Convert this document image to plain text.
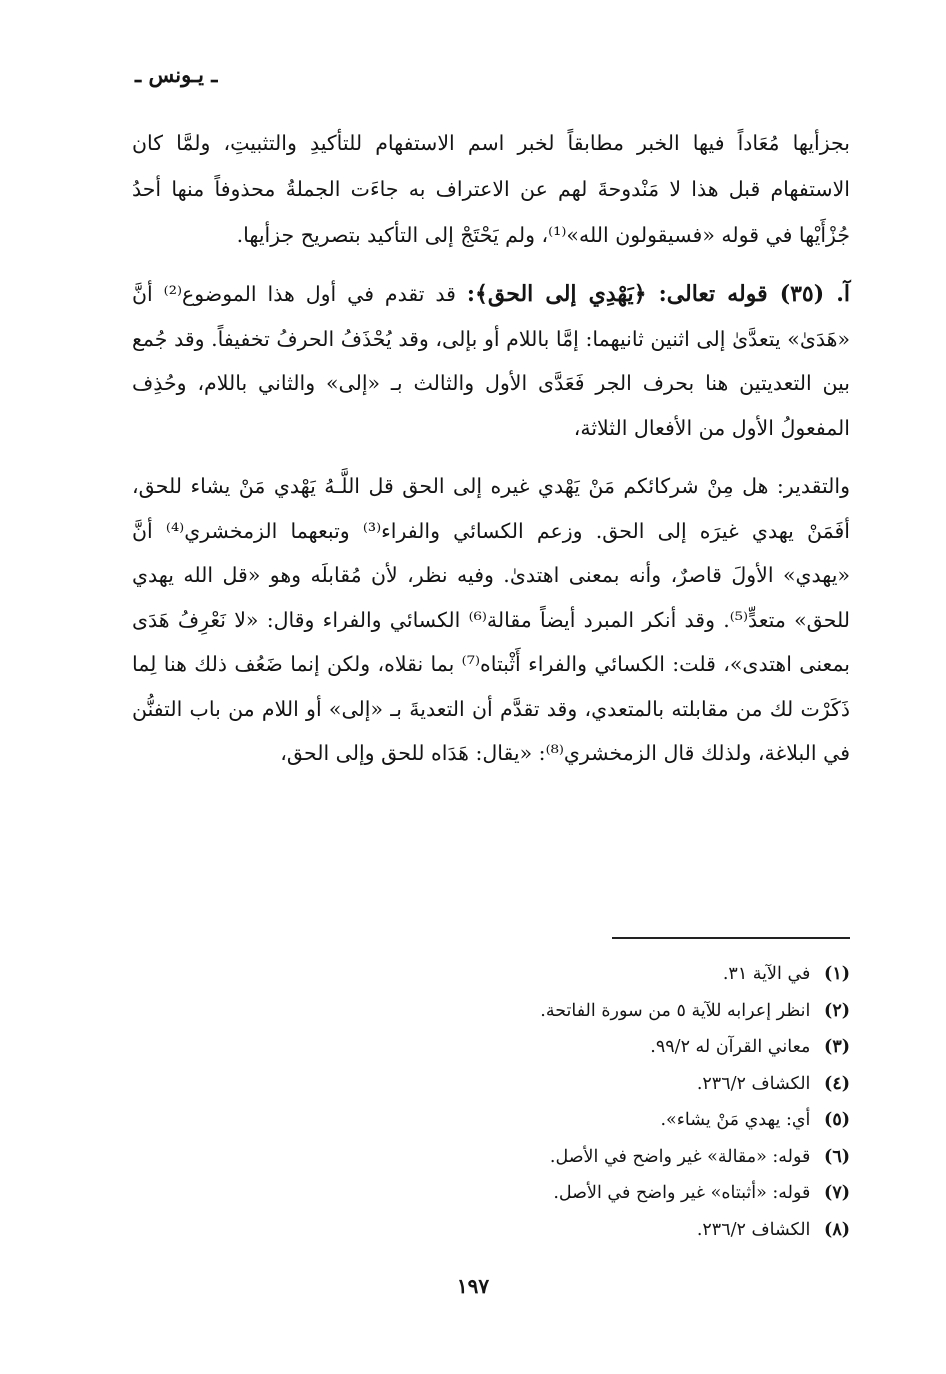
ـ يـونس ـ

بجزأيها مُعَاداً فيها الخبر مطابقاً لخبر اسم الاستفهام للتأكيدِ والتثبيتِ، ولمَّا كان الاستفهام قبل هذا لا مَنْدوحةَ لهم عن الاعتراف به جاءَت الجملةُ محذوفاً منها أحدُ جُزْأَيْها في قوله «فسيقولون الله»⁽¹⁾، ولم يَحْتَجْ إلى التأكيد بتصريح جزأيها.

آ. (٣٥) قوله تعالى: ﴿يَهْدِي إلى الحق﴾: قد تقدم في أول هذا الموضوع⁽²⁾ أنَّ «هَدَىٰ» يتعدَّىٰ إلى اثنين ثانيهما: إمَّا باللام أو بإلى، وقد يُحْذَفُ الحرفُ تخفيفاً. وقد جُمع بين التعديتين هنا بحرف الجر فَعَدَّى الأول والثالث بـ «إلى» والثاني باللام، وحُذِف المفعولُ الأول من الأفعال الثلاثة،

والتقدير: هل مِنْ شركائكم مَنْ يَهْدي غيره إلى الحق قل اللَّـهُ يَهْدي مَنْ يشاء للحق، أفَمَنْ يهدي غيرَه إلى الحق. وزعم الكسائي والفراء⁽³⁾ وتبعهما الزمخشري⁽⁴⁾ أنَّ «يهدي» الأولَ قاصرٌ، وأنه بمعنى اهتدىٰ. وفيه نظر، لأن مُقابلَه وهو «قل الله يهدي للحق» متعدٍّ⁽⁵⁾. وقد أنكر المبرد أيضاً مقالة⁽⁶⁾ الكسائي والفراء وقال: «لا نَعْرِفُ هَدَى بمعنى اهتدى»، قلت: الكسائي والفراء أَثْبتاه⁽⁷⁾ بما نقلاه، ولكن إنما ضَعُف ذلك هنا لِما ذَكَرْت لك من مقابلته بالمتعدي، وقد تقدَّم أن التعديةَ بـ «إلى» أو اللام من باب التفنُّن في البلاغة، ولذلك قال الزمخشري⁽⁸⁾: «يقال: هَدَاه للحق وإلى الحق،

(١) في الآية ٣١.
(٢) انظر إعرابه للآية ٥ من سورة الفاتحة.
(٣) معاني القرآن له ٩٩/٢.
(٤) الكشاف ٢٣٦/٢.
(٥) أي: يهدي مَنْ يشاء».
(٦) قوله: «مقالة» غير واضح في الأصل.
(٧) قوله: «أثبتاه» غير واضح في الأصل.
(٨) الكشاف ٢٣٦/٢.
١٩٧
